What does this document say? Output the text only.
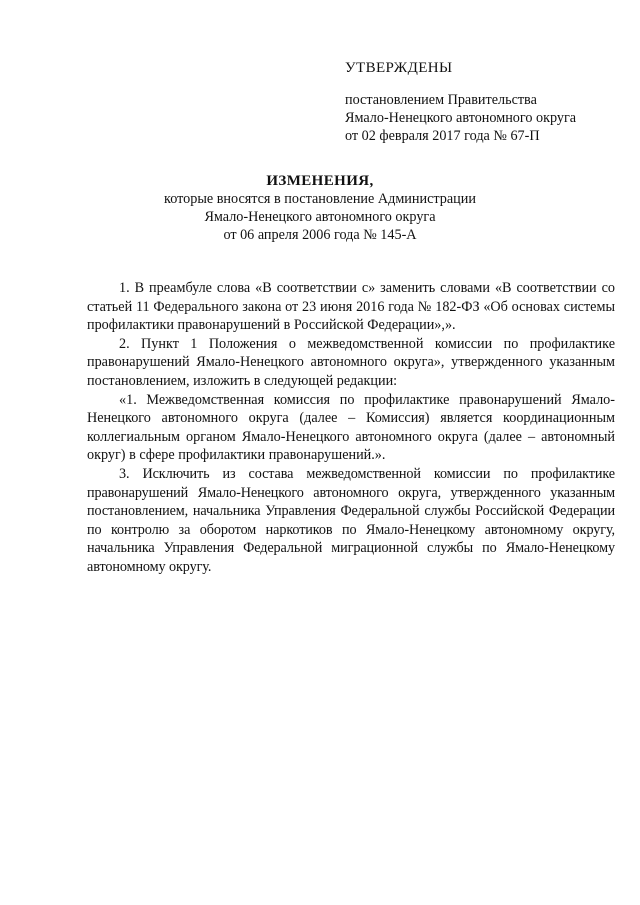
УТВЕРЖДЕНЫ
постановлением Правительства
Ямало-Ненецкого автономного округа
от 02 февраля 2017 года № 67-П
ИЗМЕНЕНИЯ,
которые вносятся в постановление Администрации
Ямало-Ненецкого автономного округа
от 06 апреля 2006 года № 145-А

1. В преамбуле слова «В соответствии с» заменить словами «В соответствии со статьей 11 Федерального закона от 23 июня 2016 года № 182-ФЗ «Об основах системы профилактики правонарушений в Российской Федерации»,».

2. Пункт 1 Положения о межведомственной комиссии по профилактике правонарушений Ямало-Ненецкого автономного округа», утвержденного указанным постановлением, изложить в следующей редакции:

«1. Межведомственная комиссия по профилактике правонарушений Ямало-Ненецкого автономного округа (далее – Комиссия) является координационным коллегиальным органом Ямало-Ненецкого автономного округа (далее – автономный округ) в сфере профилактики правонарушений.».

3. Исключить из состава межведомственной комиссии по профилактике правонарушений Ямало-Ненецкого автономного округа, утвержденного указанным постановлением, начальника Управления Федеральной службы Российской Федерации по контролю за оборотом наркотиков по Ямало-Ненецкому автономному округу, начальника Управления Федеральной миграционной службы по Ямало-Ненецкому автономному округу.
